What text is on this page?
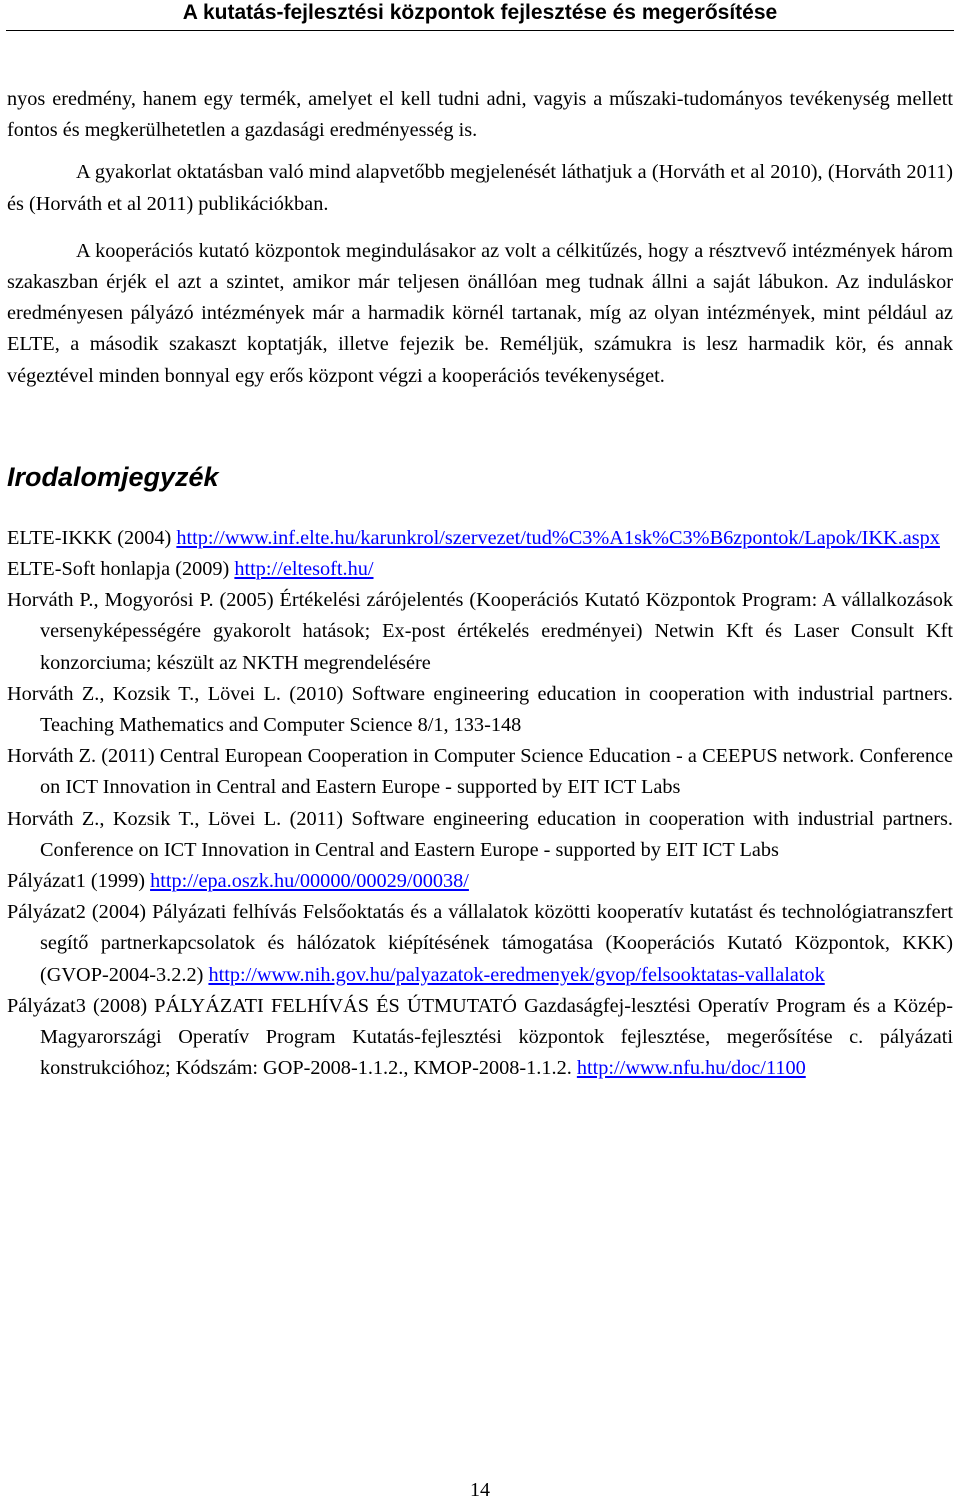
A kutatás-fejlesztési központok fejlesztése és megerősítése

nyos eredmény, hanem egy termék, amelyet el kell tudni adni, vagyis a műszaki-tudományos tevékenység mellett fontos és megkerülhetetlen a gazdasági eredményesség is.

A gyakorlat oktatásban való mind alapvetőbb megjelenését láthatjuk a (Horváth et al 2010), (Horváth 2011) és (Horváth et al 2011) publikációkban.

A kooperációs kutató központok megindulásakor az volt a célkitűzés, hogy a résztvevő intézmények három szakaszban érjék el azt a szintet, amikor már teljesen önállóan meg tudnak állni a saját lábukon. Az induláskor eredményesen pályázó intézmények már a harmadik körnél tartanak, míg az olyan intézmények, mint például az ELTE, a második szakaszt koptatják, illetve fejezik be. Reméljük, számukra is lesz harmadik kör, és annak végeztével minden bonnyal egy erős központ végzi a kooperációs tevékenységet.

Irodalomjegyzék

ELTE-IKKK (2004) http://www.inf.elte.hu/karunkrol/szervezet/tud%C3%A1sk%C3%B6zpontok/Lapok/IKK.aspx

ELTE-Soft honlapja (2009) http://eltesoft.hu/

Horváth P., Mogyorósi P. (2005) Értékelési zárójelentés (Kooperációs Kutató Központok Program: A vállalkozások versenyképességére gyakorolt hatások; Ex-post értékelés eredményei) Netwin Kft és Laser Consult Kft konzorciuma; készült az NKTH megrendelésére

Horváth Z., Kozsik T., Lövei L. (2010) Software engineering education in cooperation with industrial partners. Teaching Mathematics and Computer Science 8/1, 133-148

Horváth Z. (2011) Central European Cooperation in Computer Science Education - a CEEPUS network. Conference on ICT Innovation in Central and Eastern Europe - supported by EIT ICT Labs

Horváth Z., Kozsik T., Lövei L. (2011) Software engineering education in cooperation with industrial partners. Conference on ICT Innovation in Central and Eastern Europe - supported by EIT ICT Labs

Pályázat1 (1999) http://epa.oszk.hu/00000/00029/00038/

Pályázat2 (2004) Pályázati felhívás Felsőoktatás és a vállalatok közötti kooperatív kutatást és technológiatranszfert segítő partnerkapcsolatok és hálózatok kiépítésének támogatása (Kooperációs Kutató Központok, KKK) (GVOP-2004-3.2.2) http://www.nih.gov.hu/palyazatok-eredmenyek/gvop/felsooktatas-vallalatok

Pályázat3 (2008) PÁLYÁZATI FELHÍVÁS ÉS ÚTMUTATÓ Gazdaságfej-lesztési Operatív Program és a Közép-Magyarországi Operatív Program Kutatás-fejlesztési központok fejlesztése, megerősítése c. pályázati konstrukcióhoz; Kódszám: GOP-2008-1.1.2., KMOP-2008-1.1.2. http://www.nfu.hu/doc/1100

14
